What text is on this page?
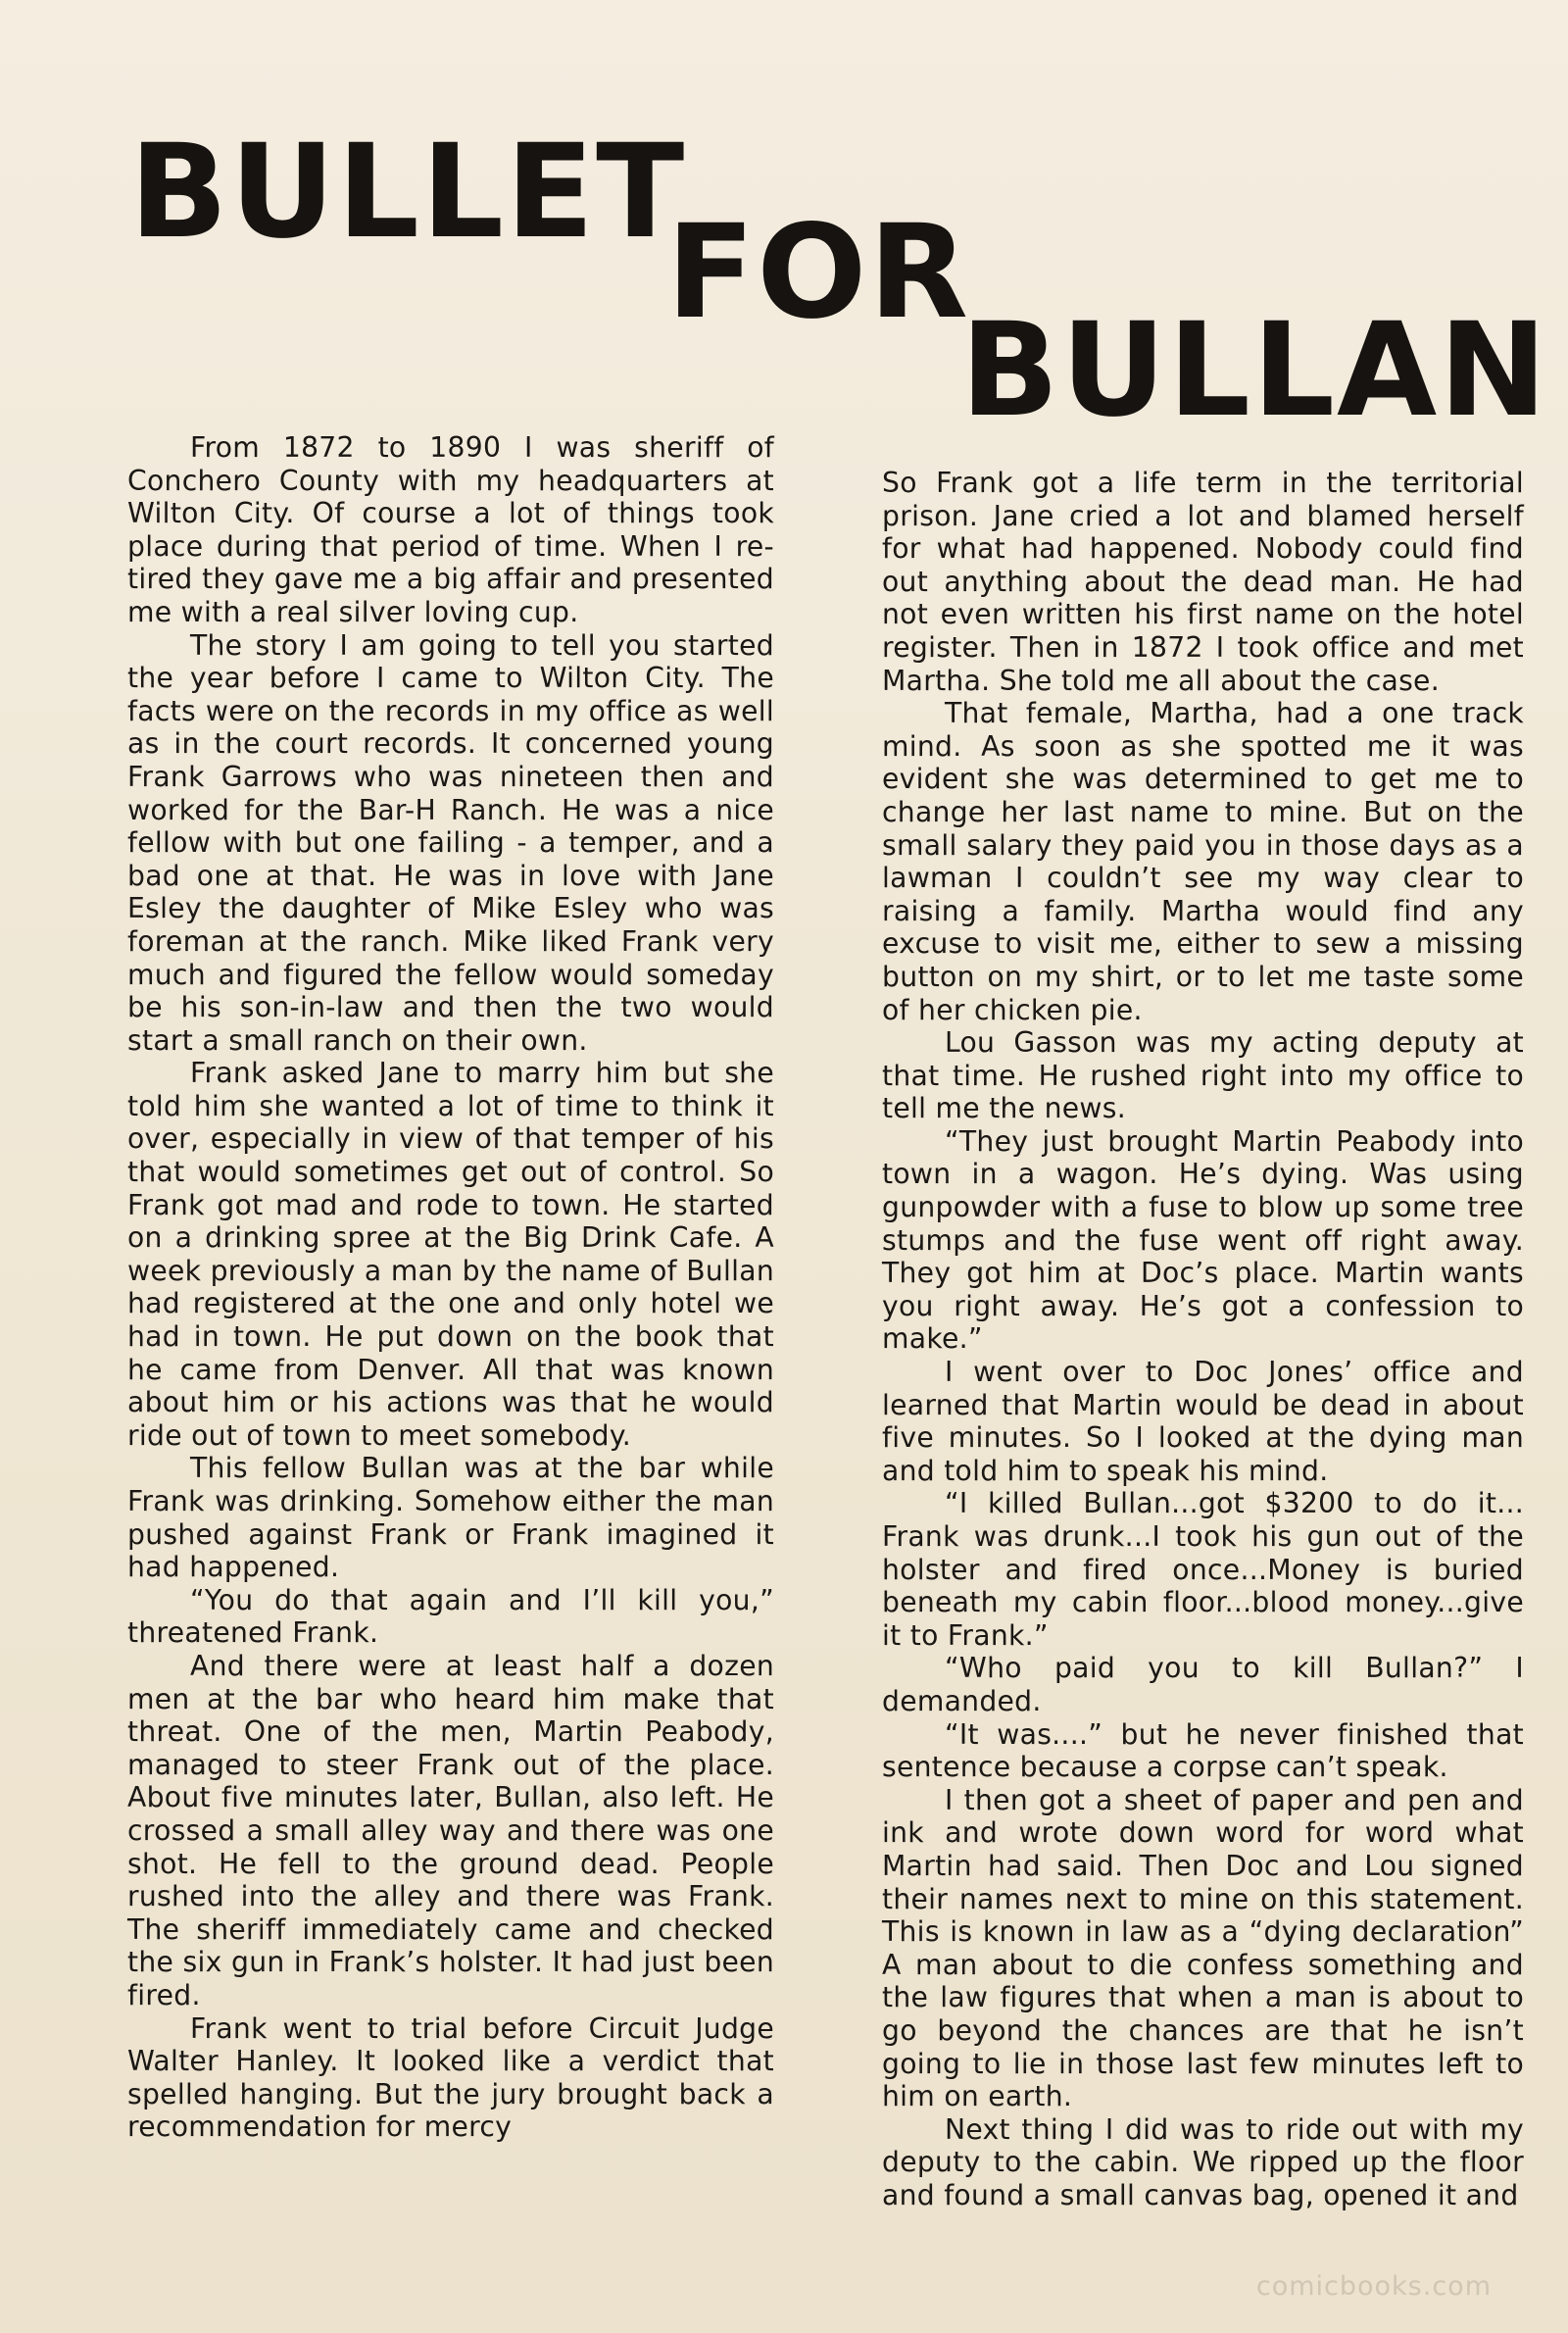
BULLET
FOR
BULLAN

From 1872 to 1890 I was sheriff of Conchero County with my headquarters at Wilton City. Of course a lot of things took place during that period of time. When I re-tired they gave me a big affair and presented me with a real silver loving cup.

The story I am going to tell you started the year before I came to Wilton City. The facts were on the records in my office as well as in the court records. It concerned young Frank Garrows who was nineteen then and worked for the Bar-H Ranch. He was a nice fellow with but one failing - a temper, and a bad one at that. He was in love with Jane Esley the daughter of Mike Esley who was foreman at the ranch. Mike liked Frank very much and figured the fellow would someday be his son-in-law and then the two would start a small ranch on their own.

Frank asked Jane to marry him but she told him she wanted a lot of time to think it over, especially in view of that temper of his that would sometimes get out of control. So Frank got mad and rode to town. He started on a drinking spree at the Big Drink Cafe. A week previously a man by the name of Bullan had registered at the one and only hotel we had in town. He put down on the book that he came from Denver. All that was known about him or his actions was that he would ride out of town to meet somebody.

This fellow Bullan was at the bar while Frank was drinking. Somehow either the man pushed against Frank or Frank imagined it had happened.

“You do that again and I’ll kill you,” threatened Frank.

And there were at least half a dozen men at the bar who heard him make that threat. One of the men, Martin Peabody, managed to steer Frank out of the place. About five minutes later, Bullan, also left. He crossed a small alley way and there was one shot. He fell to the ground dead. People rushed into the alley and there was Frank. The sheriff immediately came and checked the six gun in Frank’s holster. It had just been fired.

Frank went to trial before Circuit Judge Walter Hanley. It looked like a verdict that spelled hanging. But the jury brought back a recommendation for mercy

So Frank got a life term in the territorial prison. Jane cried a lot and blamed herself for what had happened. Nobody could find out anything about the dead man. He had not even written his first name on the hotel register. Then in 1872 I took office and met Martha. She told me all about the case.

That female, Martha, had a one track mind. As soon as she spotted me it was evident she was determined to get me to change her last name to mine. But on the small salary they paid you in those days as a lawman I couldn’t see my way clear to raising a family. Martha would find any excuse to visit me, either to sew a missing button on my shirt, or to let me taste some of her chicken pie.

Lou Gasson was my acting deputy at that time. He rushed right into my office to tell me the news.

“They just brought Martin Peabody into town in a wagon. He’s dying. Was using gunpowder with a fuse to blow up some tree stumps and the fuse went off right away. They got him at Doc’s place. Martin wants you right away. He’s got a confession to make.”

I went over to Doc Jones’ office and learned that Martin would be dead in about five minutes. So I looked at the dying man and told him to speak his mind.

“I killed Bullan...got $3200 to do it... Frank was drunk...I took his gun out of the holster and fired once...Money is buried beneath my cabin floor...blood money...give it to Frank.”

“Who paid you to kill Bullan?” I demanded.

“It was....” but he never finished that sentence because a corpse can’t speak.

I then got a sheet of paper and pen and ink and wrote down word for word what Martin had said. Then Doc and Lou signed their names next to mine on this statement. This is known in law as a “dying declaration” A man about to die confess something and the law figures that when a man is about to go beyond the chances are that he isn’t going to lie in those last few minutes left to him on earth.

Next thing I did was to ride out with my deputy to the cabin. We ripped up the floor and found a small canvas bag, opened it and

comicbooks.com
